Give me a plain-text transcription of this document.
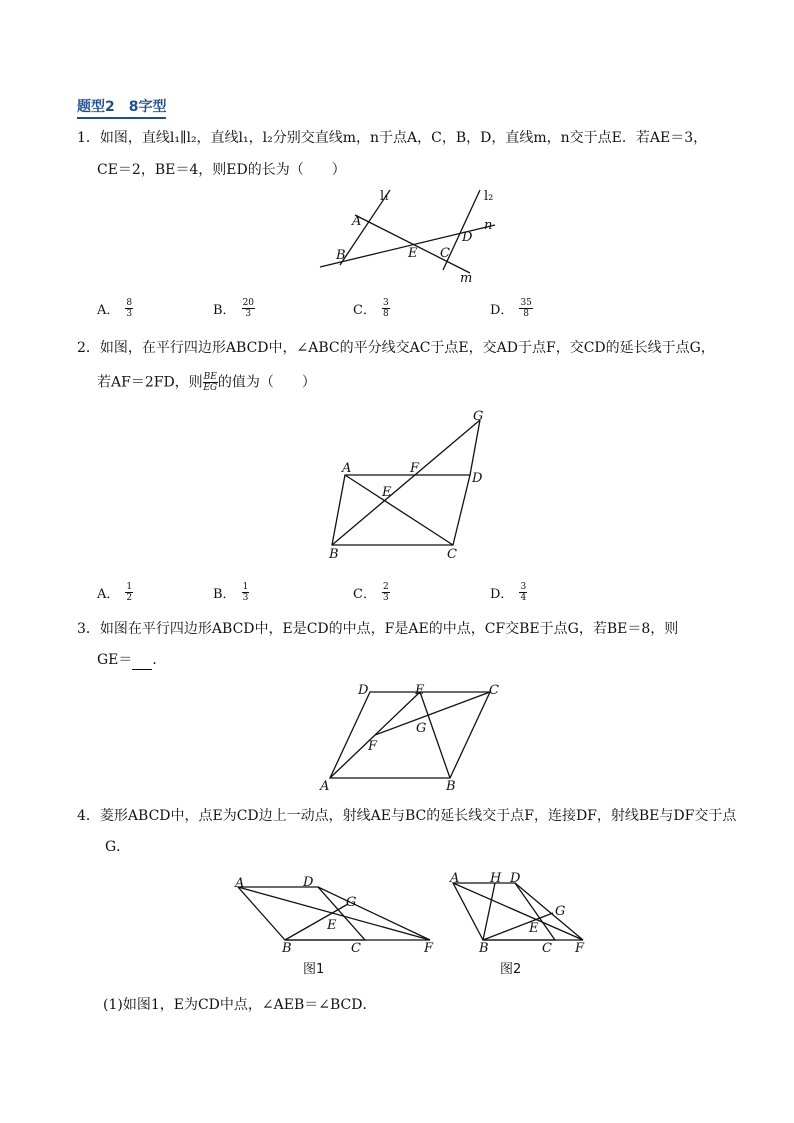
题型2　8字型
1．如图，直线l₁∥l₂，直线l₁，l₂分别交直线m，n于点A，C，B，D，直线m，n交于点E．若AE＝3，
CE＝2，BE＝4，则ED的长为（　　）
l₁	l₂
A
B	E C
D
n
m
A． $\frac{8}{3}$	B． $\frac{20}{3}$	C． $\frac{3}{8}$	D． $\frac{35}{8}$
2．如图，在平行四边形ABCD中，∠ABC的平分线交AC于点E，交AD于点F，交CD的延长线于点G，
若AF＝2FD，则 $\frac{BE}{EG}$ 的值为（　　）
G
A	F
D
E
B	C
A． $\frac{1}{2}$	B． $\frac{1}{3}$	C． $\frac{2}{3}$	D． $\frac{3}{4}$
3．如图在平行四边形ABCD中，E是CD的中点，F是AE的中点，CF交BE于点G，若BE＝8，则
GE＝ ．
D	E	C
G
F
A	B
4．菱形ABCD中，点E为CD边上一动点，射线AE与BC的延长线交于点F，连接DF，射线BE与DF交于点
G．
A	D
G
E
B	C	F
图1
A H D
G
E
B	C F
图2
(1)如图1，E为CD中点，∠AEB＝∠BCD．
